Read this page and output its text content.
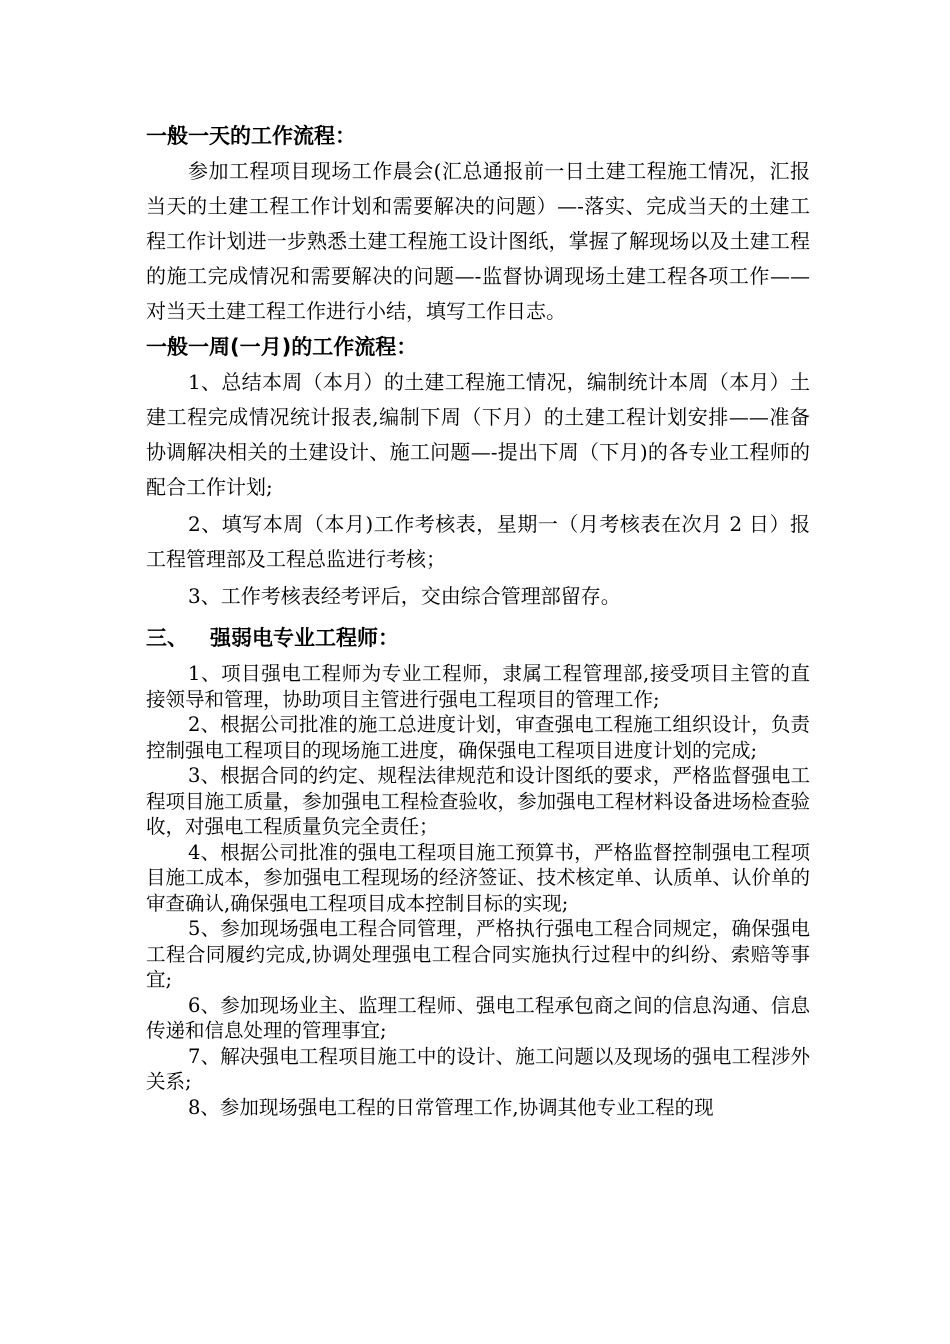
一般一天的工作流程：

参加工程项目现场工作晨会(汇总通报前一日土建工程施工情况，汇报当天的土建工程工作计划和需要解决的问题）—-落实、完成当天的土建工程工作计划进一步熟悉土建工程施工设计图纸，掌握了解现场以及土建工程的施工完成情况和需要解决的问题—-监督协调现场土建工程各项工作——对当天土建工程工作进行小结，填写工作日志。

一般一周(一月)的工作流程：

1、总结本周（本月）的土建工程施工情况，编制统计本周（本月）土建工程完成情况统计报表,编制下周（下月）的土建工程计划安排——准备协调解决相关的土建设计、施工问题—-提出下周（下月)的各专业工程师的配合工作计划;

2、填写本周（本月)工作考核表，星期一（月考核表在次月 2 日）报工程管理部及工程总监进行考核；

3、工作考核表经考评后，交由综合管理部留存。

三、 强弱电专业工程师：

1、项目强电工程师为专业工程师，隶属工程管理部,接受项目主管的直接领导和管理，协助项目主管进行强电工程项目的管理工作;

2、根据公司批准的施工总进度计划，审查强电工程施工组织设计，负责控制强电工程项目的现场施工进度，确保强电工程项目进度计划的完成;

3、根据合同的约定、规程法律规范和设计图纸的要求，严格监督强电工程项目施工质量，参加强电工程检查验收，参加强电工程材料设备进场检查验收，对强电工程质量负完全责任；

4、根据公司批准的强电工程项目施工预算书，严格监督控制强电工程项目施工成本，参加强电工程现场的经济签证、技术核定单、认质单、认价单的审查确认,确保强电工程项目成本控制目标的实现;

5、参加现场强电工程合同管理，严格执行强电工程合同规定，确保强电工程合同履约完成,协调处理强电工程合同实施执行过程中的纠纷、索赔等事宜;

6、参加现场业主、监理工程师、强电工程承包商之间的信息沟通、信息传递和信息处理的管理事宜;

7、解决强电工程项目施工中的设计、施工问题以及现场的强电工程涉外关系;

8、参加现场强电工程的日常管理工作,协调其他专业工程的现
